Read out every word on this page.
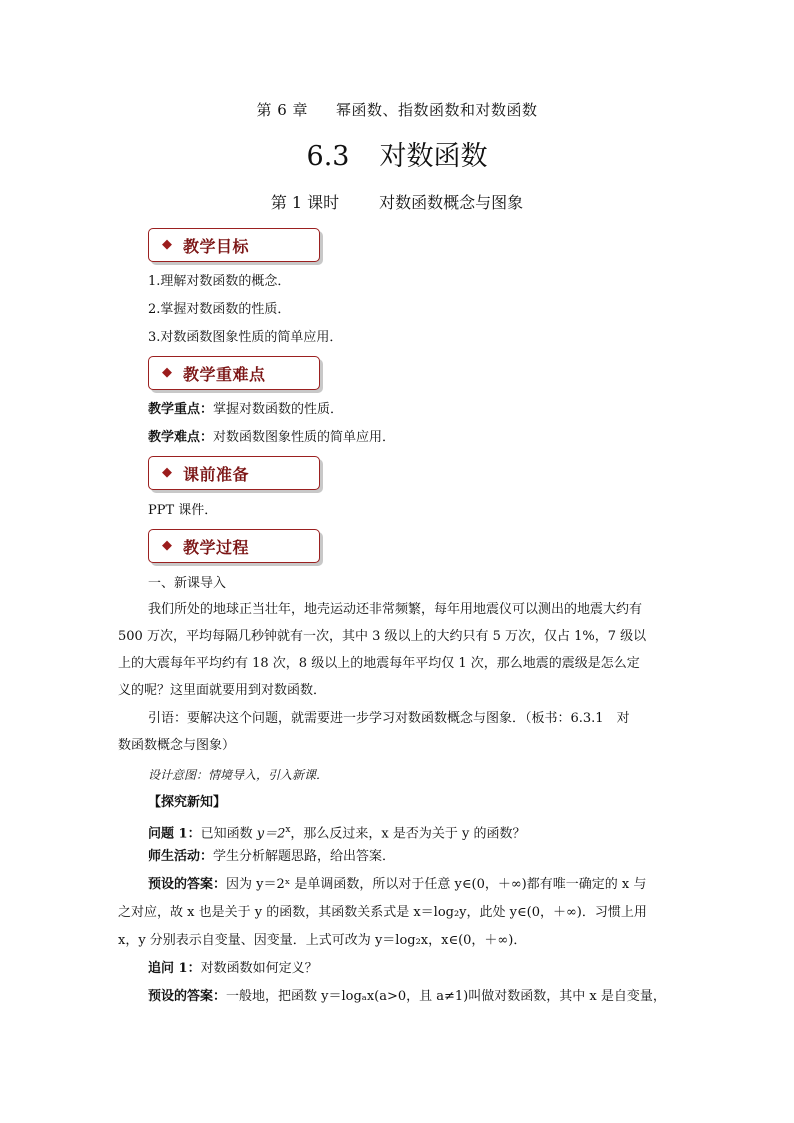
第 6 章 幂函数、指数函数和对数函数
6.3 对数函数
第 1 课时	对数函数概念与图象
◆ 教学目标
1.理解对数函数的概念．
2.掌握对数函数的性质．
3.对数函数图象性质的简单应用．
◆ 教学重难点
教学重点：掌握对数函数的性质．
教学难点：对数函数图象性质的简单应用．
◆ 课前准备
PPT 课件．
◆ 教学过程
一、新课导入
我们所处的地球正当壮年，地壳运动还非常频繁，每年用地震仪可以测出的地震大约有
500 万次，平均每隔几秒钟就有一次，其中 3 级以上的大约只有 5 万次，仅占 1%，7 级以
上的大震每年平均约有 18 次，8 级以上的地震每年平均仅 1 次，那么地震的震级是怎么定
义的呢？这里面就要用到对数函数．
引语：要解决这个问题，就需要进一步学习对数函数概念与图象．（板书：6.3.1　对
数函数概念与图象）
设计意图：情境导入，引入新课．
【探究新知】
问题 1：已知函数 $y=2^x$，那么反过来，x 是否为关于 y 的函数？
师生活动：学生分析解题思路，给出答案．
预设的答案：因为 y＝2ˣ 是单调函数，所以对于任意 y∈(0，＋∞)都有唯一确定的 x 与
之对应，故 x 也是关于 y 的函数，其函数关系式是 x＝log₂y，此处 y∈(0，＋∞)．习惯上用
x，y 分别表示自变量、因变量．上式可改为 y＝log₂x，x∈(0，＋∞)．
追问 1：对数函数如何定义？
预设的答案：一般地，把函数 y＝logₐx(a>0，且 a≠1)叫做对数函数，其中 x 是自变量，
